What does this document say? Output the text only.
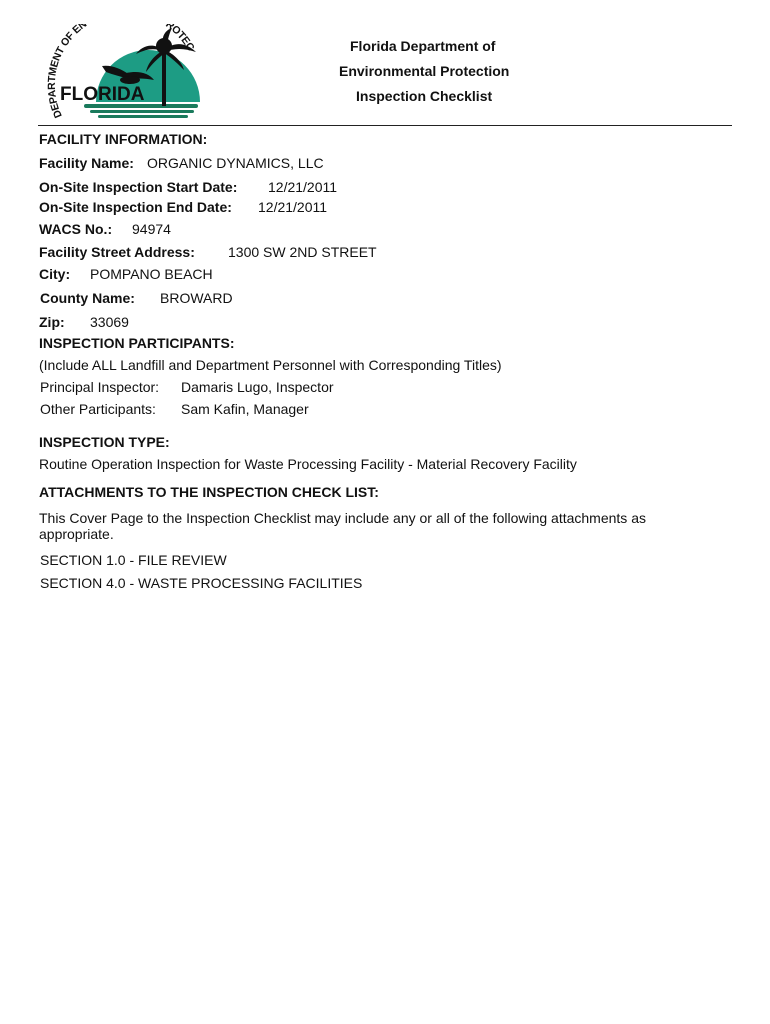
DEPARTMENT OF EN ROTEC
FLORIDA
Florida Department of
Environmental Protection
Inspection Checklist
FACILITY INFORMATION:
Facility Name: ORGANIC DYNAMICS, LLC
On-Site Inspection Start Date: 12/21/2011
On-Site Inspection End Date: 12/21/2011
WACS No.: 94974
Facility Street Address: 1300 SW 2ND STREET
City: POMPANO BEACH
County Name: BROWARD
Zip: 33069
INSPECTION PARTICIPANTS:
(Include ALL Landfill and Department Personnel with Corresponding Titles)
Principal Inspector: Damaris Lugo, Inspector
Other Participants: Sam Kafin, Manager
INSPECTION TYPE:
Routine Operation Inspection for Waste Processing Facility - Material Recovery Facility
ATTACHMENTS TO THE INSPECTION CHECK LIST:
This Cover Page to the Inspection Checklist may include any or all of the following attachments as appropriate.
SECTION 1.0 - FILE REVIEW
SECTION 4.0 - WASTE PROCESSING FACILITIES
